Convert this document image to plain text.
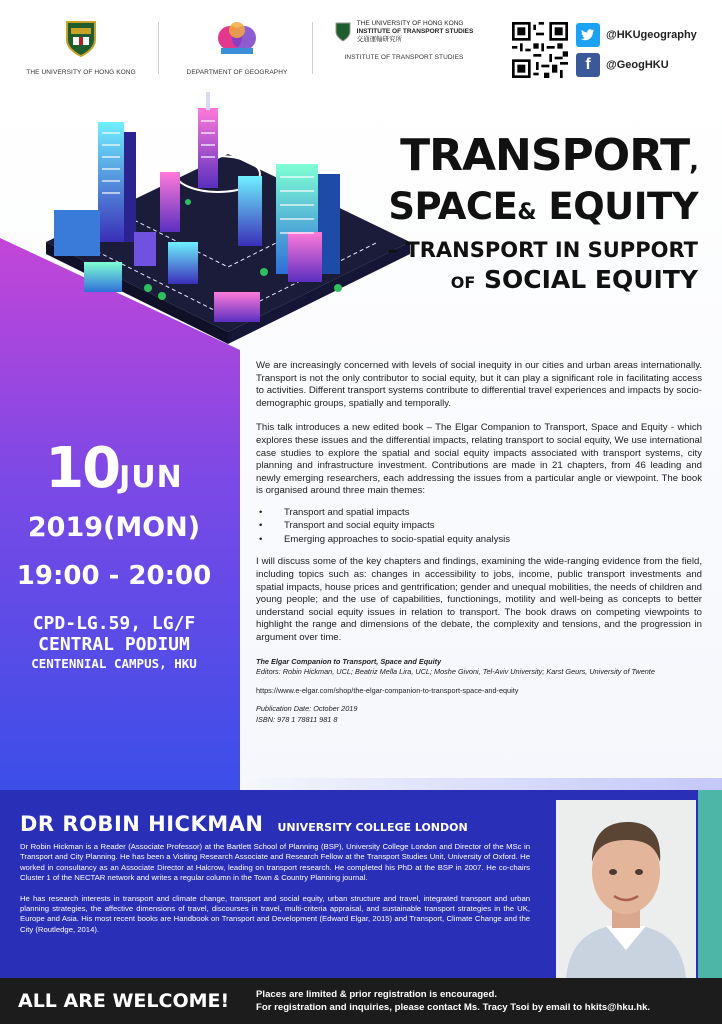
THE UNIVERSITY OF HONG KONG	DEPARTMENT OF GEOGRAPHY
THE UNIVERSITY OF HONG KONG
INSTITUTE OF TRANSPORT STUDIES
交通運輸研究所
INSTITUTE OF TRANSPORT STUDIES
@HKUgeography
f	@GeogHKU
TRANSPORT,
SPACE& EQUITY
– TRANSPORT IN SUPPORT
OF SOCIAL EQUITY
10JUN
2019(MON)
19:00 - 20:00
CPD-LG.59, LG/F
CENTRAL PODIUM
CENTENNIAL CAMPUS, HKU

We are increasingly concerned with levels of social inequity in our cities and urban areas internationally. Transport is not the only contributor to social equity, but it can play a significant role in facilitating access to activities. Different transport systems contribute to differential travel experiences and impacts by socio-demographic groups, spatially and temporally.

This talk introduces a new edited book – The Elgar Companion to Transport, Space and Equity - which explores these issues and the differential impacts, relating transport to social equity, We use international case studies to explore the spatial and social equity impacts associated with transport systems, city planning and infrastructure investment. Contributions are made in 21 chapters, from 46 leading and newly emerging researchers, each addressing the issues from a particular angle or viewpoint. The book is organised around three main themes:

• Transport and spatial impacts
• Transport and social equity impacts
• Emerging approaches to socio-spatial equity analysis

I will discuss some of the key chapters and findings, examining the wide-ranging evidence from the field, including topics such as: changes in accessibility to jobs, income, public transport investments and spatial impacts, house prices and gentrification; gender and unequal mobilities, the needs of children and young people; and the use of capabilities, functionings, motility and well-being as concepts to better understand social equity issues in relation to transport. The book draws on competing viewpoints to highlight the range and dimensions of the debate, the complexity and tensions, and the progression in argument over time.

The Elgar Companion to Transport, Space and Equity
Editors: Robin Hickman, UCL; Beatriz Mella Lira, UCL; Moshe Givoni, Tel-Aviv University; Karst Geurs, University of Twente
https://www.e-elgar.com/shop/the-elgar-companion-to-transport-space-and-equity
Publication Date: October 2019
ISBN: 978 1 78811 981 8
DR ROBIN HICKMAN UNIVERSITY COLLEGE LONDON

Dr Robin Hickman is a Reader (Associate Professor) at the Bartlett School of Planning (BSP), University College London and Director of the MSc in Transport and City Planning. He has been a Visiting Research Associate and Research Fellow at the Transport Studies Unit, University of Oxford. He worked in consultancy as an Associate Director at Halcrow, leading on transport research. He completed his PhD at the BSP in 2007. He co-chairs Cluster 1 of the NECTAR network and writes a regular column in the Town & Country Planning journal.

He has research interests in transport and climate change, transport and social equity, urban structure and travel, integrated transport and urban planning strategies, the affective dimensions of travel, discourses in travel, multi-criteria appraisal, and sustainable transport strategies in the UK, Europe and Asia. His most recent books are Handbook on Transport and Development (Edward Elgar, 2015) and Transport, Climate Change and the City (Routledge, 2014).

ALL ARE WELCOME!	Places are limited & prior registration is encouraged.
For registration and inquiries, please contact Ms. Tracy Tsoi by email to hkits@hku.hk.
